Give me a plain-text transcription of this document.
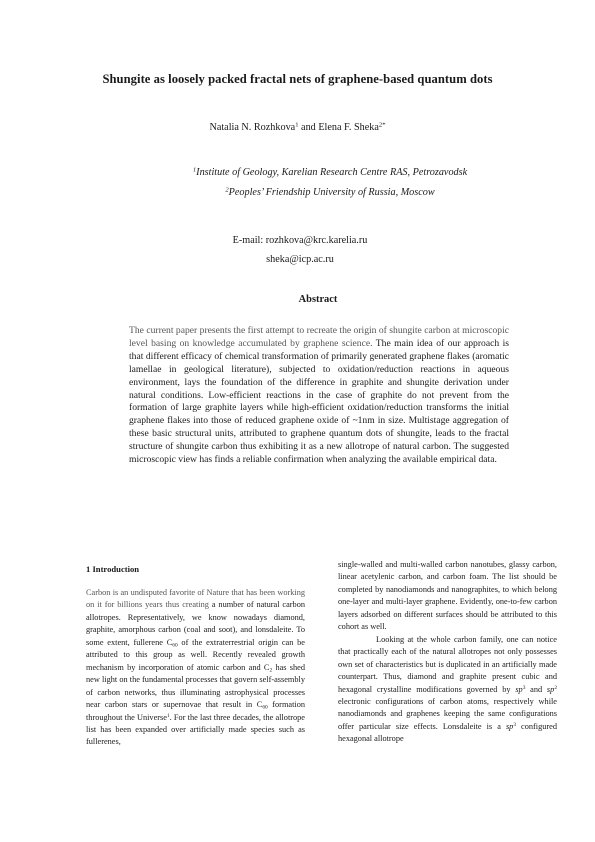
Shungite as loosely packed fractal nets of graphene-based quantum dots
Natalia N. Rozhkova$^1$ and Elena F. Sheka$^{2*}$
$^1$Institute of Geology, Karelian Research Centre RAS, Petrozavodsk
$^2$Peoples’ Friendship University of Russia, Moscow
E-mail: rozhkova@krc.karelia.ru
sheka@icp.ac.ru
Abstract

The current paper presents the first attempt to recreate the origin of shungite carbon at microscopic level basing on knowledge accumulated by graphene science. The main idea of our approach is that different efficacy of chemical transformation of primarily generated graphene flakes (aromatic lamellae in geological literature), subjected to oxidation/reduction reactions in aqueous environment, lays the foundation of the difference in graphite and shungite derivation under natural conditions. Low-efficient reactions in the case of graphite do not prevent from the formation of large graphite layers while high-efficient oxidation/reduction transforms the initial graphene flakes into those of reduced graphene oxide of ~1nm in size. Multistage aggregation of these basic structural units, attributed to graphene quantum dots of shungite, leads to the fractal structure of shungite carbon thus exhibiting it as a new allotrope of natural carbon. The suggested microscopic view has finds a reliable confirmation when analyzing the available empirical data.

1 Introduction

Carbon is an undisputed favorite of Nature that has been working on it for billions years thus creating a number of natural carbon allotropes. Representatively, we know nowadays diamond, graphite, amorphous carbon (coal and soot), and lonsdaleite. To some extent, fullerene $C_{60}$ of the extraterrestrial origin can be attributed to this group as well. Recently revealed growth mechanism by incorporation of atomic carbon and $C_2$ has shed new light on the fundamental processes that govern self-assembly of carbon networks, thus illuminating astrophysical processes near carbon stars or supernovae that result in $C_{60}$ formation throughout the Universe$^1$. For the last three decades, the allotrope list has been expanded over artificially made species such as fullerenes,

single-walled and multi-walled carbon nanotubes, glassy carbon, linear acetylenic carbon, and carbon foam. The list should be completed by nanodiamonds and nanographites, to which belong one-layer and multi-layer graphene. Evidently, one-to-few carbon layers adsorbed on different surfaces should be attributed to this cohort as well.
Looking at the whole carbon family, one can notice that practically each of the natural allotropes not only possesses own set of characteristics but is duplicated in an artificially made counterpart. Thus, diamond and graphite present cubic and hexagonal crystalline modifications governed by $sp^3$ and $sp^2$ electronic configurations of carbon atoms, respectively while nanodiamonds and graphenes keeping the same configurations offer particular size effects. Lonsdaleite is a $sp^3$ configured hexagonal allotrope
